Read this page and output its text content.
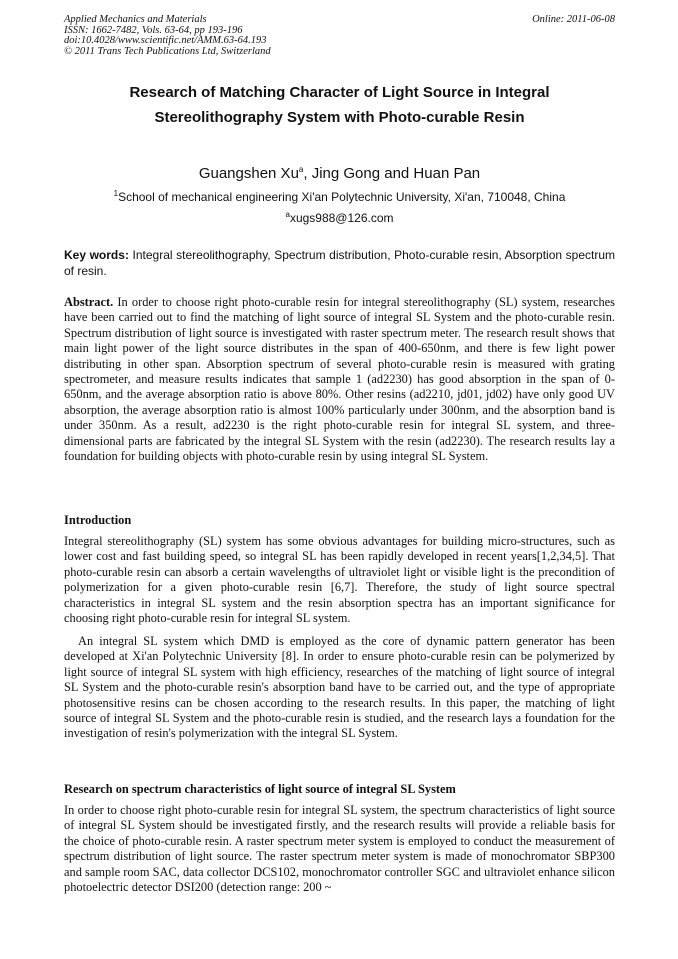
Applied Mechanics and Materials
ISSN: 1662-7482, Vols. 63-64, pp 193-196
doi:10.4028/www.scientific.net/AMM.63-64.193
© 2011 Trans Tech Publications Ltd, Switzerland
Online: 2011-06-08
Research of Matching Character of Light Source in Integral
Stereolithography System with Photo-curable Resin
Guangshen Xu$^a$, Jing Gong and Huan Pan
$^1$School of mechanical engineering Xi'an Polytechnic University, Xi'an, 710048, China
$^a$xugs988@126.com
Key words: Integral stereolithography, Spectrum distribution, Photo-curable resin, Absorption spectrum of resin.
Abstract. In order to choose right photo-curable resin for integral stereolithography (SL) system, researches have been carried out to find the matching of light source of integral SL System and the photo-curable resin. Spectrum distribution of light source is investigated with raster spectrum meter. The research result shows that main light power of the light source distributes in the span of 400-650nm, and there is few light power distributing in other span. Absorption spectrum of several photo-curable resin is measured with grating spectrometer, and measure results indicates that sample 1 (ad2230) has good absorption in the span of 0-650nm, and the average absorption ratio is above 80%. Other resins (ad2210, jd01, jd02) have only good UV absorption, the average absorption ratio is almost 100% particularly under 300nm, and the absorption band is under 350nm. As a result, ad2230 is the right photo-curable resin for integral SL system, and three-dimensional parts are fabricated by the integral SL System with the resin (ad2230). The research results lay a foundation for building objects with photo-curable resin by using integral SL System.
Introduction
Integral stereolithography (SL) system has some obvious advantages for building micro-structures, such as lower cost and fast building speed, so integral SL has been rapidly developed in recent years[1,2,34,5]. That photo-curable resin can absorb a certain wavelengths of ultraviolet light or visible light is the precondition of polymerization for a given photo-curable resin [6,7]. Therefore, the study of light source spectral characteristics in integral SL system and the resin absorption spectra has an important significance for choosing right photo-curable resin for integral SL system.
An integral SL system which DMD is employed as the core of dynamic pattern generator has been developed at Xi'an Polytechnic University [8]. In order to ensure photo-curable resin can be polymerized by light source of integral SL system with high efficiency, researches of the matching of light source of integral SL System and the photo-curable resin's absorption band have to be carried out, and the type of appropriate photosensitive resins can be chosen according to the research results. In this paper, the matching of light source of integral SL System and the photo-curable resin is studied, and the research lays a foundation for the investigation of resin's polymerization with the integral SL System.
Research on spectrum characteristics of light source of integral SL System
In order to choose right photo-curable resin for integral SL system, the spectrum characteristics of light source of integral SL System should be investigated firstly, and the research results will provide a reliable basis for the choice of photo-curable resin. A raster spectrum meter system is employed to conduct the measurement of spectrum distribution of light source. The raster spectrum meter system is made of monochromator SBP300 and sample room SAC, data collector DCS102, monochromator controller SGC and ultraviolet enhance silicon photoelectric detector DSI200 (detection range: 200 ~
